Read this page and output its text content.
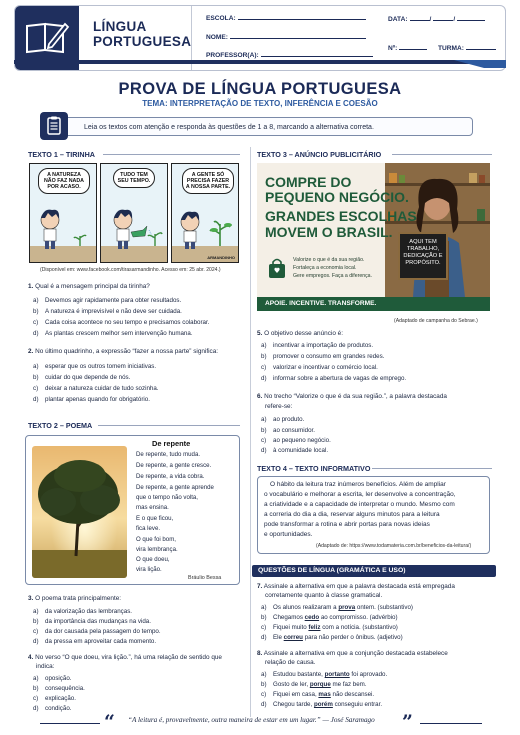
LÍNGUA
PORTUGUESA
ESCOLA:
NOME:
PROFESSOR(A):
DATA:	/	/
Nº:	TURMA:
PROVA DE LÍNGUA PORTUGUESA
TEMA: INTERPRETAÇÃO DE TEXTO, INFERÊNCIA E COESÃO
Leia os textos com atenção e responda às questões de 1 a 8, marcando a alternativa correta.
TEXTO 1 – TIRINHA
A NATUREZA NÃO FAZ NADA POR ACASO.
TUDO TEM SEU TEMPO.
A GENTE SÓ PRECISA FAZER A NOSSA PARTE.
ARMANDINHO
(Disponível em: www.facebook.com/tirasarmandinho. Acesso em: 25 abr. 2024.)
1. Qual é a mensagem principal da tirinha?
a) Devemos agir rapidamente para obter resultados.
b) A natureza é imprevisível e não deve ser cuidada.
c) Cada coisa acontece no seu tempo e precisamos colaborar.
d) As plantas crescem melhor sem intervenção humana.
2. No último quadrinho, a expressão “fazer a nossa parte” significa:
a) esperar que os outros tomem iniciativas.
b) cuidar do que depende de nós.
c) deixar a natureza cuidar de tudo sozinha.
d) plantar apenas quando for obrigatório.
TEXTO 2 – POEMA
De repente
De repente, tudo muda.
De repente, a gente cresce.
De repente, a vida cobra.
De repente, a gente aprende
que o tempo não volta,
mas ensina.
E o que ficou,
fica leve.
O que foi bom,
vira lembrança.
O que doeu,
vira lição.
Bráulio Bessa
3. O poema trata principalmente:
a) da valorização das lembranças.
b) da importância das mudanças na vida.
c) da dor causada pela passagem do tempo.
d) da pressa em aproveitar cada momento.
4. No verso “O que doeu, vira lição.”, há uma relação de sentido que
indica:
a) oposição.
b) consequência.
c) explicação.
d) condição.
TEXTO 3 – ANÚNCIO PUBLICITÁRIO
COMPRE DO
PEQUENO NEGÓCIO.
GRANDES ESCOLHAS
MOVEM O BRASIL.
Valorize o que é da sua região.
Fortaleça a economia local.
Gere empregos. Faça a diferença.
APOIE. INCENTIVE. TRANSFORME.
AQUI TEM
TRABALHO,
DEDICAÇÃO E
PROPÓSITO.
(Adaptado de campanha do Sebrae.)
5. O objetivo desse anúncio é:
a) incentivar a importação de produtos.
b) promover o consumo em grandes redes.
c) valorizar e incentivar o comércio local.
d) informar sobre a abertura de vagas de emprego.
6. No trecho “Valorize o que é da sua região.”, a palavra destacada
refere-se:
a) ao produto.
b) ao consumidor.
c) ao pequeno negócio.
d) à comunidade local.
TEXTO 4 – TEXTO INFORMATIVO
O hábito da leitura traz inúmeros benefícios. Além de ampliar
o vocabulário e melhorar a escrita, ler desenvolve a concentração,
a criatividade e a capacidade de interpretar o mundo. Mesmo com
a correria do dia a dia, reservar alguns minutos para a leitura
pode transformar a rotina e abrir portas para novas ideias
e oportunidades.
(Adaptado de: https://www.todamateria.com.br/beneficios-da-leitura/)
QUESTÕES DE LÍNGUA (GRAMÁTICA E USO)
7. Assinale a alternativa em que a palavra destacada está empregada
corretamente quanto à classe gramatical.
a) Os alunos realizaram a prova ontem. (substantivo)
b) Chegamos cedo ao compromisso. (advérbio)
c) Fiquei muito feliz com a notícia. (substantivo)
d) Ele correu para não perder o ônibus. (adjetivo)
8. Assinale a alternativa em que a conjunção destacada estabelece
relação de causa.
a) Estudou bastante, portanto foi aprovado.
b) Gosto de ler, porque me faz bem.
c) Fiquei em casa, mas não descansei.
d) Chegou tarde, porém conseguiu entrar.
“ “A leitura é, provavelmente, outra maneira de estar em um lugar.” — José Saramago ”
